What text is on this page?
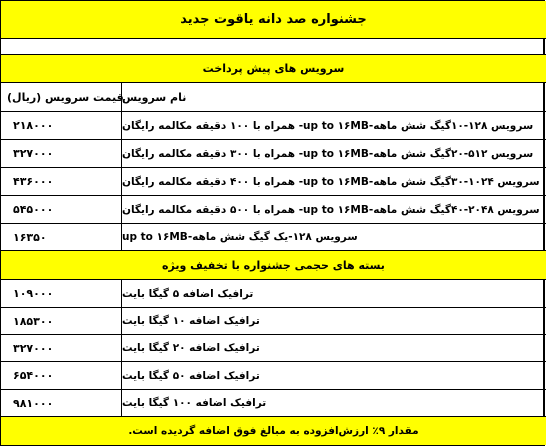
جشنواره صد دانه یاقوت جدید
سرویس های پیش پرداخت
نام سرویس
قیمت سرویس (ریال)
سرویس ۱۲۸-۱۰گیگ شش ماهه-up to ۱۶MB- همراه با ۱۰۰ دقیقه مکالمه رایگان
۲۱۸۰۰۰
سرویس ۵۱۲-۲۰گیگ شش ماهه-up to ۱۶MB- همراه با ۳۰۰ دقیقه مکالمه رایگان
۳۲۷۰۰۰
سرویس ۱۰۲۴-۳۰گیگ شش ماهه-up to ۱۶MB- همراه با ۴۰۰ دقیقه مکالمه رایگان
۴۳۶۰۰۰
سرویس ۲۰۴۸-۴۰گیگ شش ماهه-up to ۱۶MB- همراه با ۵۰۰ دقیقه مکالمه رایگان
۵۴۵۰۰۰
سرویس ۱۲۸-یک گیگ شش ماهه-up to ۱۶MB
۱۶۳۵۰
بسته های حجمی جشنواره با تخفیف ویژه
ترافیک اضافه ۵ گیگا بایت
۱۰۹۰۰۰
ترافیک اضافه ۱۰ گیگا بایت
۱۸۵۳۰۰
ترافیک اضافه ۲۰ گیگا بایت
۳۲۷۰۰۰
ترافیک اضافه ۵۰ گیگا بایت
۶۵۴۰۰۰
ترافیک اضافه ۱۰۰ گیگا بایت
۹۸۱۰۰۰
مقدار ۹٪ ارزش‌افزوده به مبالغ فوق اضافه گردیده است.
